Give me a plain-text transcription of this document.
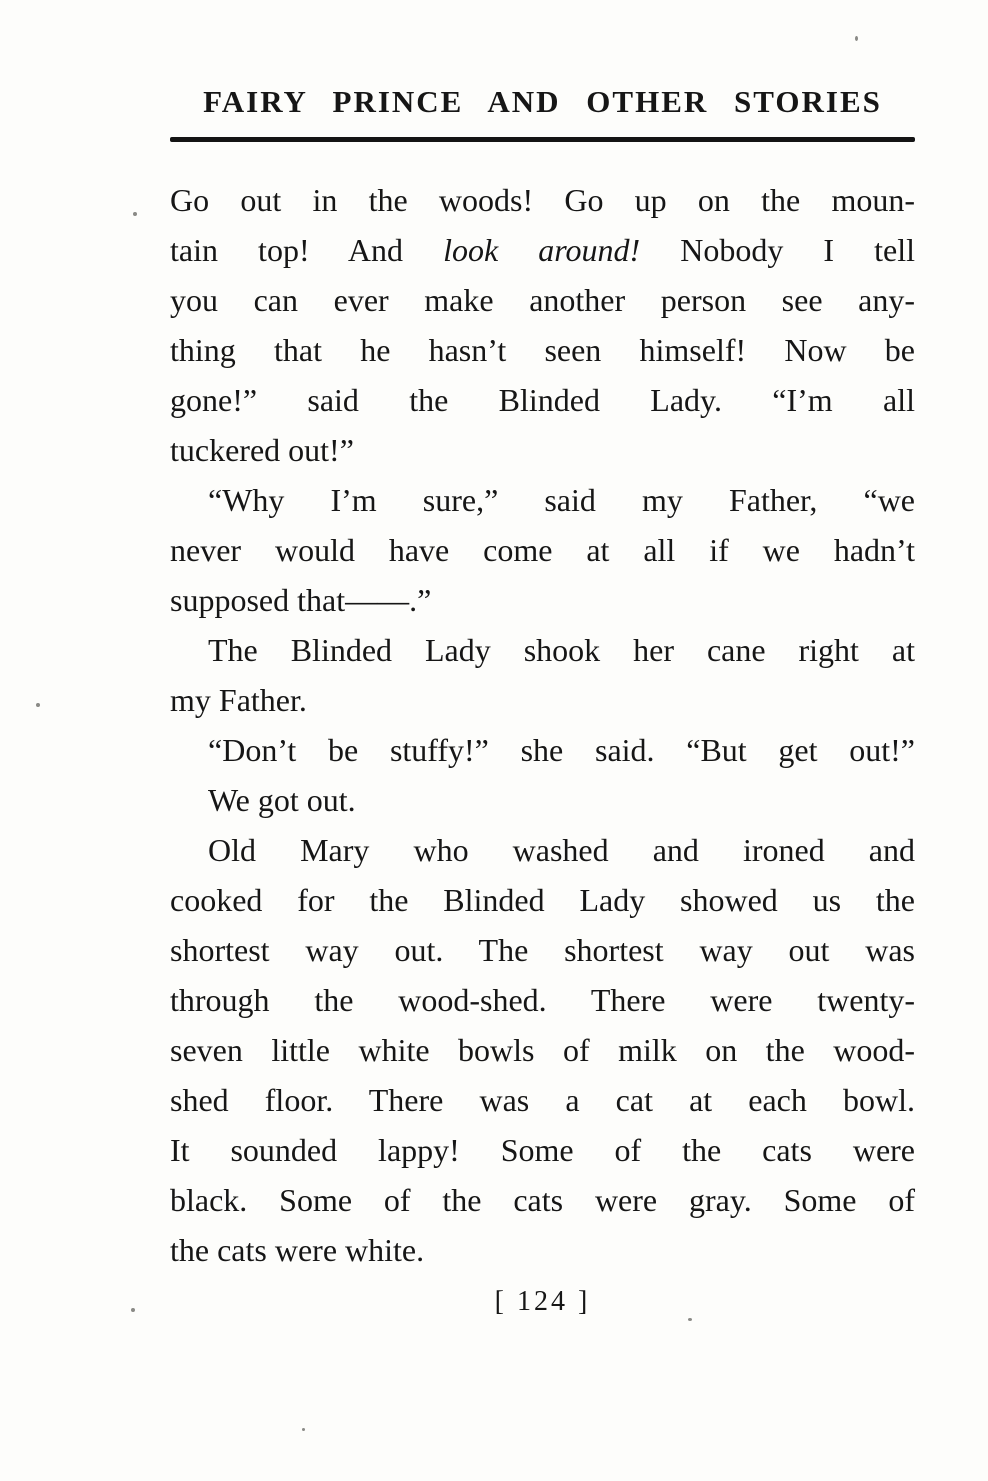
FAIRY PRINCE AND OTHER STORIES
Go out in the woods! Go up on the moun-
tain top! And look around! Nobody I tell
you can ever make another person see any-
thing that he hasn’t seen himself! Now be
gone!” said the Blinded Lady. “I’m all
tuckered out!”
“Why I’m sure,” said my Father, “we
never would have come at all if we hadn’t
supposed that——.”
The Blinded Lady shook her cane right at
my Father.
“Don’t be stuffy!” she said. “But get out!”
We got out.
Old Mary who washed and ironed and
cooked for the Blinded Lady showed us the
shortest way out. The shortest way out was
through the wood-shed. There were twenty-
seven little white bowls of milk on the wood-
shed floor. There was a cat at each bowl.
It sounded lappy! Some of the cats were
black. Some of the cats were gray. Some of
the cats were white.
[ 124 ]
